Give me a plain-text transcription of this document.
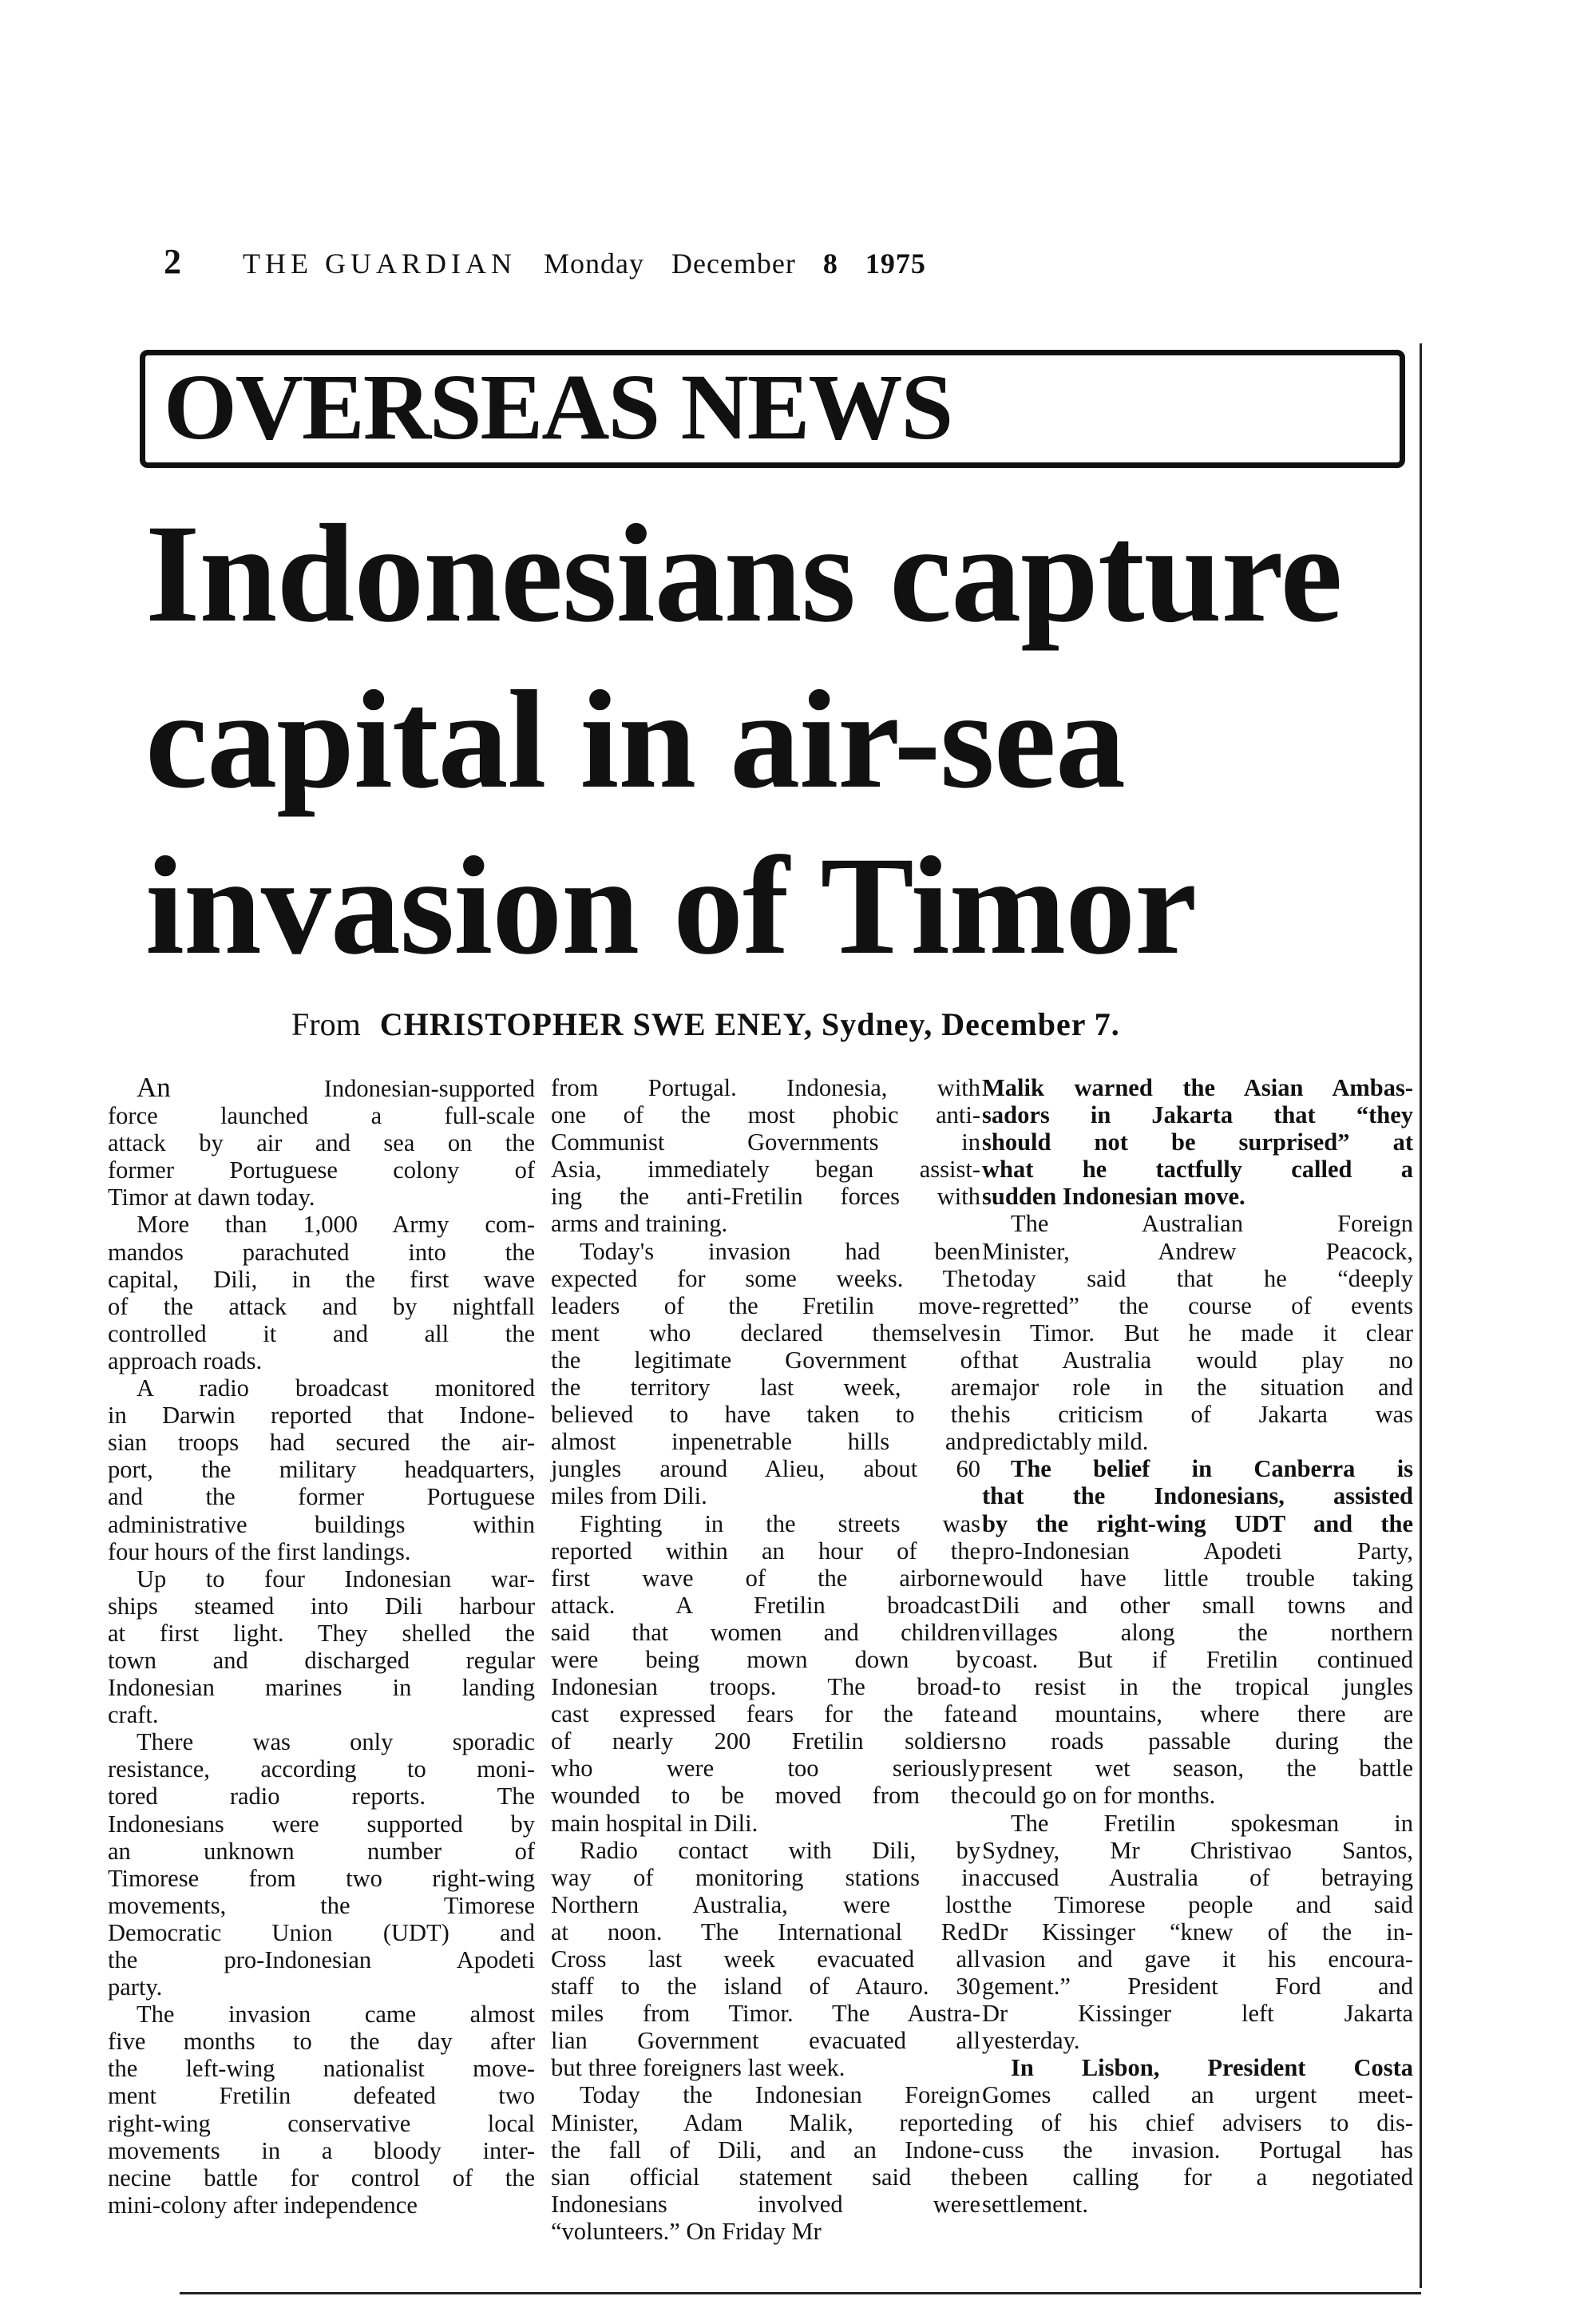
2 THE GUARDIAN Monday December 8 1975
OVERSEAS NEWS
Indonesians capture
capital in air-sea
invasion of Timor
From CHRISTOPHER SWE ENEY, Sydney, December 7.

An	Indonesian-supported

force	launched	a	full-scale

attack by air and sea on the

former Portuguese colony of

Timor at dawn today.

More than 1,000 Army com-

mandos parachuted into the

capital, Dili, in the first wave

of the attack and by nightfall

controlled it and all the

approach roads.

A radio broadcast monitored

in Darwin reported that Indone-

sian troops had secured the air-

port, the military headquarters,

and	the	former	Portuguese

administrative	buildings	within

four hours of the first landings.

Up to four Indonesian war-

ships steamed into Dili harbour

at first light. They shelled the

town and discharged regular

Indonesian marines in landing

craft.

There was only sporadic

resistance, according to moni-

tored	radio	reports.	The

Indonesians were supported by

an	unknown	number	of

Timorese from two right-wing

movements,	the	Timorese

Democratic Union (UDT) and

the	pro-Indonesian	Apodeti

party.

The invasion came almost

five months to the day after

the left-wing nationalist move-

ment	Fretilin	defeated	two

right-wing	conservative	local

movements in a bloody inter-

necine battle for control of the

mini-colony after independence

from Portugal. Indonesia, with

one of the most phobic anti-

Communist	Governments	in

Asia, immediately began assist-

ing the anti-Fretilin forces with

arms and training.

Today's invasion had been

expected for some weeks. The

leaders of the Fretilin move-

ment who declared themselves

the legitimate Government of

the territory last week, are

believed to have taken to the

almost inpenetrable hills and

jungles around Alieu, about 60

miles from Dili.

Fighting in the streets was

reported within an hour of the

first wave of the airborne

attack. A	Fretilin	broadcast

said that women and children

were being mown down by

Indonesian troops. The broad-

cast expressed fears for the fate

of nearly 200 Fretilin soldiers

who	were	too	seriously

wounded to be moved from the

main hospital in Dili.

Radio contact with Dili, by

way of monitoring stations in

Northern Australia, were lost

at noon. The International Red

Cross last week evacuated all

staff to the island of Atauro. 30

miles from Timor. The Austra-

lian Government evacuated all

but three foreigners last week.

Today the Indonesian Foreign

Minister, Adam Malik, reported

the fall of Dili, and an Indone-

sian official statement said the

Indonesians	involved	were

“volunteers.” On Friday Mr

Malik warned the Asian Ambas-

sadors in Jakarta that “they

should not be surprised” at

what he tactfully called a

sudden Indonesian move.

The	Australian	Foreign

Minister,	Andrew	Peacock,

today said that he “deeply

regretted” the course of events

in Timor. But he made it clear

that Australia would play no

major role in the situation and

his criticism of Jakarta was

predictably mild.

The belief in Canberra is

that the Indonesians, assisted

by the right-wing UDT and the

pro-Indonesian	Apodeti	Party,

would have little trouble taking

Dili and other small towns and

villages	along	the	northern

coast. But if Fretilin continued

to resist in the tropical jungles

and mountains, where there are

no roads passable during the

present wet season, the battle

could go on for months.

The Fretilin spokesman in

Sydney, Mr Christivao Santos,

accused Australia of betraying

the Timorese people and said

Dr Kissinger “knew of the in-

vasion and gave it his encoura-

gement.” President Ford and

Dr	Kissinger	left	Jakarta

yesterday.

In Lisbon, President Costa

Gomes called an urgent meet-

ing of his chief advisers to dis-

cuss the invasion. Portugal has

been calling for a negotiated

settlement.
